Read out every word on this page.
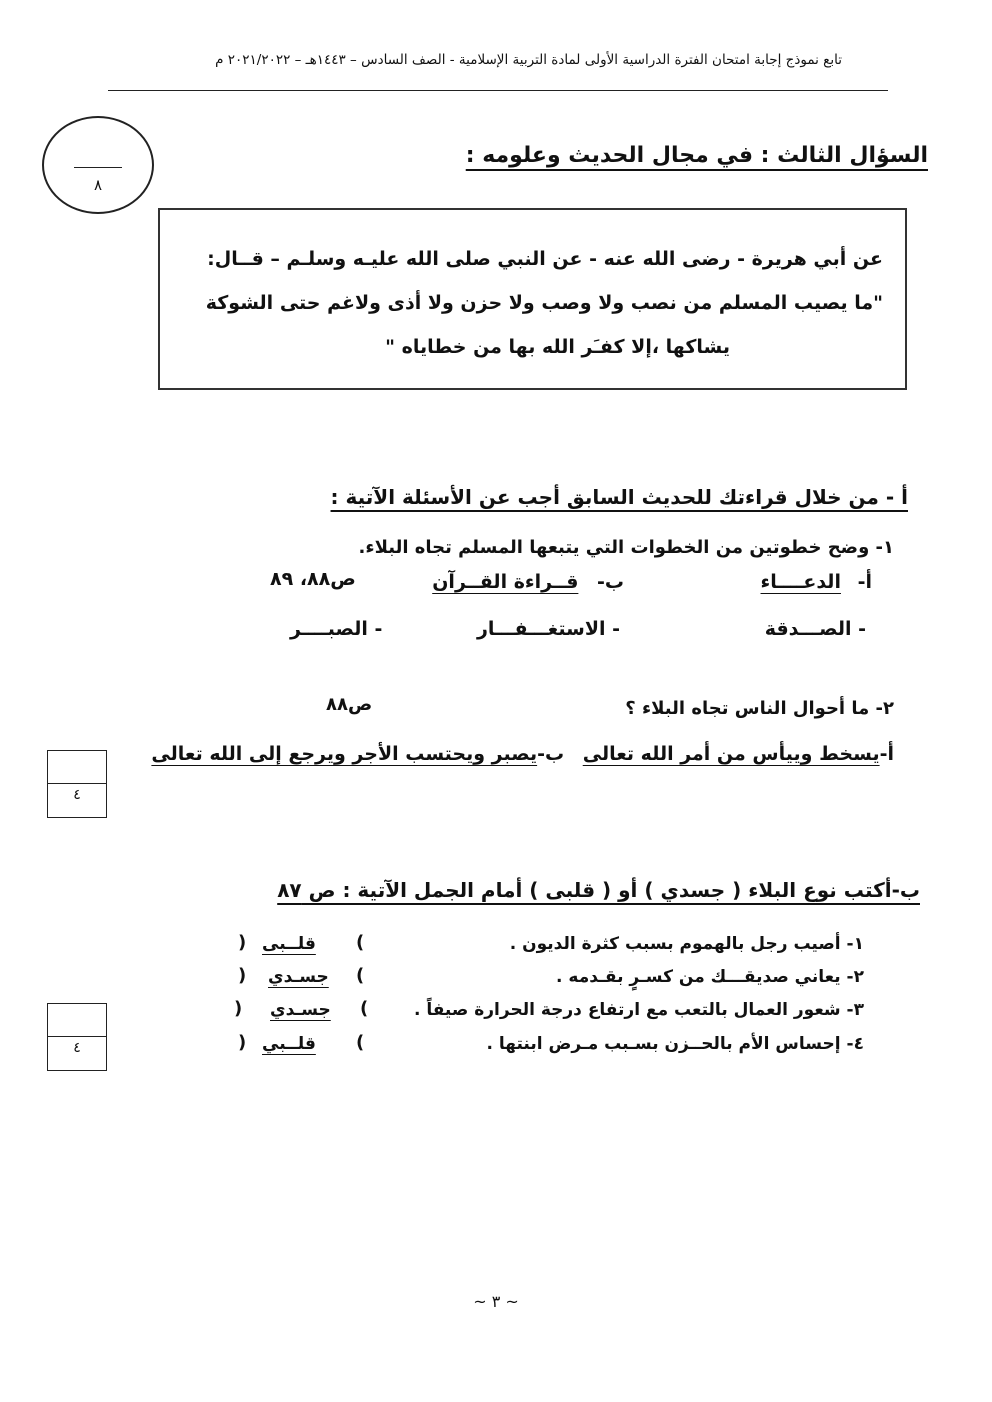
تابع نموذج إجابة امتحان الفترة الدراسية الأولى لمادة التربية الإسلامية - الصف السادس – ١٤٤٣هـ – ٢٠٢١/٢٠٢٢ م
٨
السؤال الثالث : في مجال الحديث وعلومه :
عن أبي هريرة - رضى الله عنه - عن النبي صلى الله عليـه وسلـم – قــال:
"ما يصيب المسلم من نصب ولا وصب ولا حزن ولا أذى ولاغم حتى الشوكة
يشاكها ،إلا كفـَر الله بها من خطاياه "
أ - من خلال قراءتك للحديث السابق أجب عن الأسئلة الآتية :
١- وضح خطوتين من الخطوات التي يتبعها المسلم تجاه البلاء.
أ- الدعــــاء
ب- قــراءة القــرآن
ص٨٨، ٨٩
- الصـــدقة
- الاستغـــفـــار
- الصبــــر
٢- ما أحوال الناس تجاه البلاء ؟
ص٨٨
أ-يسخط وييأس من أمر الله تعالى ب-يصبر ويحتسب الأجر ويرجع إلى الله تعالى
٤
ب-أكتب نوع البلاء ( جسدي ) أو ( قلبى ) أمام الجمل الآتية : ص ٨٧
١- أصيب رجل بالهموم بسبب كثرة الديون .
٢- يعاني صديقـــك من كسـرٍ بقـدمه .
٣- شعور العمال بالتعب مع ارتفاع درجة الحرارة صيفاً .
٤- إحساس الأم بالحــزن بسـبب مـرض ابنتها .
(
قلــبى
)
(
جسـدي
)
(
جسـدي
)
(
قلــبي
)
٤
~ ٣ ~
